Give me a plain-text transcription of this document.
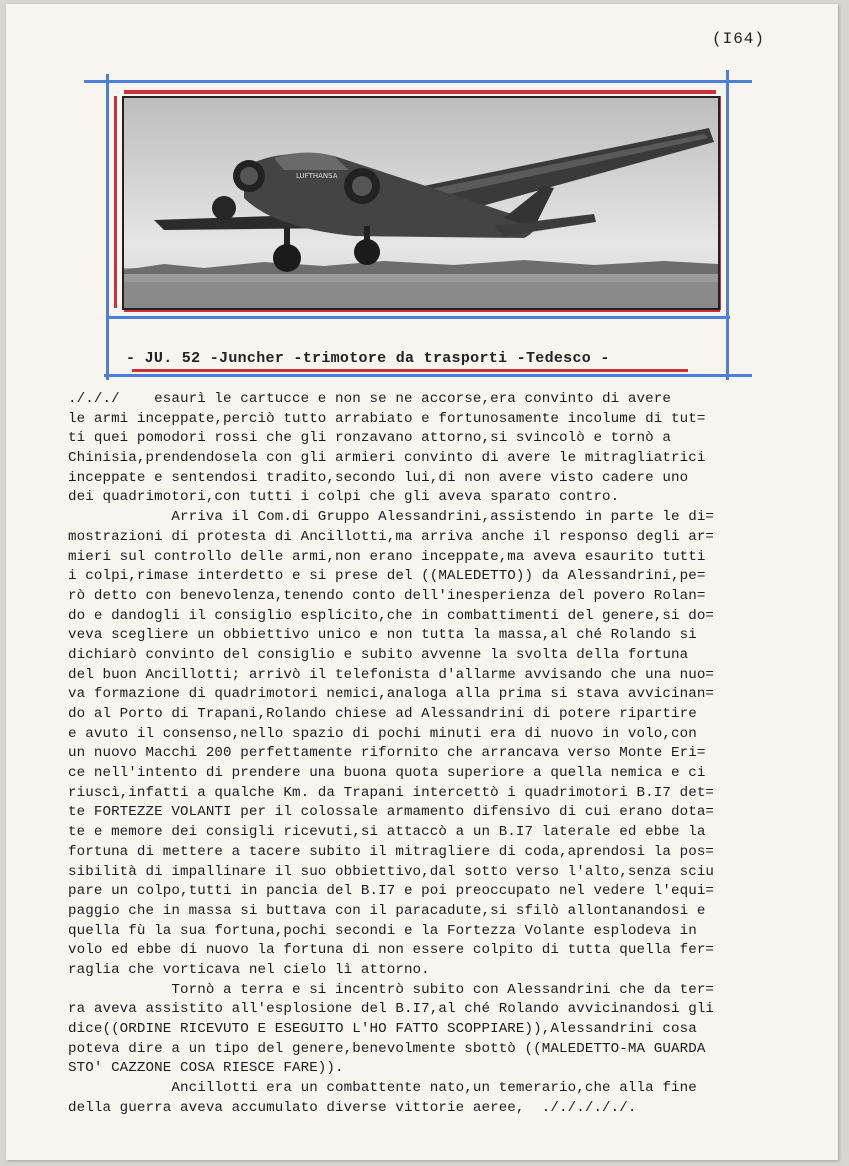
(I64)
LUFTHANSA
- JU. 52 -Juncher -trimotore da trasporti -Tedesco -
./././    esaurì le cartucce e non se ne accorse,era convinto di avere
le armi inceppate,perciò tutto arrabiato e fortunosamente incolume di tut=
ti quei pomodori rossi che gli ronzavano attorno,si svincolò e tornò a
Chinisia,prendendosela con gli armieri convinto di avere le mitragliatrici
inceppate e sentendosi tradito,secondo lui,di non avere visto cadere uno
dei quadrimotori,con tutti i colpi che gli aveva sparato contro.
Arriva il Com.di Gruppo Alessandrini,assistendo in parte le di=
mostrazioni di protesta di Ancillotti,ma arriva anche il responso degli ar=
mieri sul controllo delle armi,non erano inceppate,ma aveva esaurito tutti
i colpi,rimase interdetto e si prese del ((MALEDETTO)) da Alessandrini,pe=
rò detto con benevolenza,tenendo conto dell'inesperienza del povero Rolan=
do e dandogli il consiglio esplicito,che in combattimenti del genere,si do=
veva scegliere un obbiettivo unico e non tutta la massa,al ché Rolando si
dichiarò convinto del consiglio e subito avvenne la svolta della fortuna
del buon Ancillotti; arrivò il telefonista d'allarme avvisando che una nuo=
va formazione di quadrimotori nemici,analoga alla prima si stava avvicinan=
do al Porto di Trapani,Rolando chiese ad Alessandrini di potere ripartire
e avuto il consenso,nello spazio di pochi minuti era di nuovo in volo,con
un nuovo Macchi 200 perfettamente rifornito che arrancava verso Monte Eri=
ce nell'intento di prendere una buona quota superiore a quella nemica e ci
riuscì,infatti a qualche Km. da Trapani intercettò i quadrimotori B.I7 det=
te FORTEZZE VOLANTI per il colossale armamento difensivo di cui erano dota=
te e memore dei consigli ricevuti,si attaccò a un B.I7 laterale ed ebbe la
fortuna di mettere a tacere subito il mitragliere di coda,aprendosi la pos=
sibilità di impallinare il suo obbiettivo,dal sotto verso l'alto,senza sciu
pare un colpo,tutti in pancia del B.I7 e poi preoccupato nel vedere l'equi=
paggio che in massa si buttava con il paracadute,si sfilò allontanandosi e
quella fù la sua fortuna,pochi secondi e la Fortezza Volante esplodeva in
volo ed ebbe di nuovo la fortuna di non essere colpito di tutta quella fer=
raglia che vorticava nel cielo lì attorno.
Tornò a terra e si incentrò subito con Alessandrini che da ter=
ra aveva assistito all'esplosione del B.I7,al ché Rolando avvicinandosi gli
dice((ORDINE RICEVUTO E ESEGUITO L'HO FATTO SCOPPIARE)),Alessandrini cosa
poteva dire a un tipo del genere,benevolmente sbottò ((MALEDETTO-MA GUARDA
STO' CAZZONE COSA RIESCE FARE)).
Ancillotti era un combattente nato,un temerario,che alla fine
della guerra aveva accumulato diverse vittorie aeree,  ./././././.
